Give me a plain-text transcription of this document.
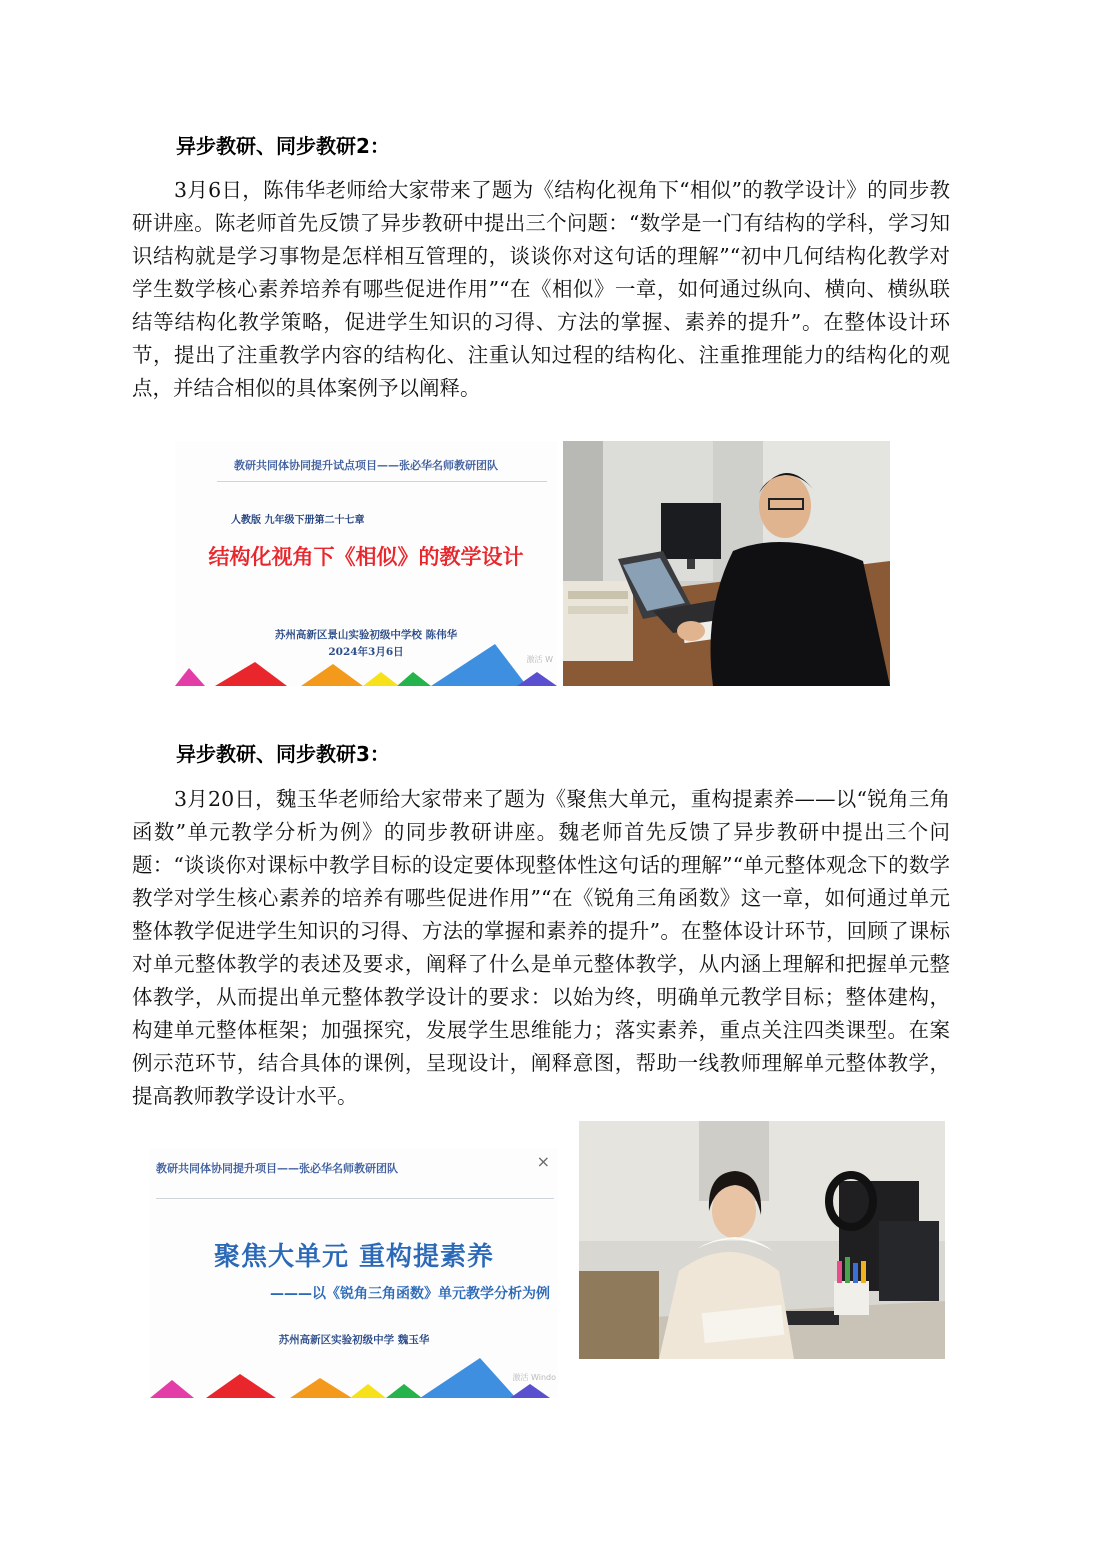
异步教研、同步教研2：

3月6日，陈伟华老师给大家带来了题为《结构化视角下“相似”的教学设计》的同步教研讲座。陈老师首先反馈了异步教研中提出三个问题：“数学是一门有结构的学科，学习知识结构就是学习事物是怎样相互管理的，谈谈你对这句话的理解”“初中几何结构化教学对学生数学核心素养培养有哪些促进作用”“在《相似》一章，如何通过纵向、横向、横纵联结等结构化教学策略，促进学生知识的习得、方法的掌握、素养的提升”。在整体设计环节，提出了注重教学内容的结构化、注重认知过程的结构化、注重推理能力的结构化的观点，并结合相似的具体案例予以阐释。

教研共同体协同提升试点项目——张必华名师教研团队
人教版 九年级下册第二十七章
结构化视角下《相似》的教学设计
苏州高新区景山实验初级中学校 陈伟华
2024年3月6日
激活 W
异步教研、同步教研3：

3月20日，魏玉华老师给大家带来了题为《聚焦大单元，重构提素养——以“锐角三角函数”单元教学分析为例》的同步教研讲座。魏老师首先反馈了异步教研中提出三个问题：“谈谈你对课标中教学目标的设定要体现整体性这句话的理解”“单元整体观念下的数学教学对学生核心素养的培养有哪些促进作用”“在《锐角三角函数》这一章，如何通过单元整体教学促进学生知识的习得、方法的掌握和素养的提升”。在整体设计环节，回顾了课标对单元整体教学的表述及要求，阐释了什么是单元整体教学，从内涵上理解和把握单元整体教学，从而提出单元整体教学设计的要求：以始为终，明确单元教学目标；整体建构，构建单元整体框架；加强探究，发展学生思维能力；落实素养，重点关注四类课型。在案例示范环节，结合具体的课例，呈现设计，阐释意图，帮助一线教师理解单元整体教学，提高教师教学设计水平。

教研共同体协同提升项目——张必华名师教研团队	×
聚焦大单元 重构提素养
———以《锐角三角函数》单元教学分析为例
苏州高新区实验初级中学 魏玉华
激活 Windo
